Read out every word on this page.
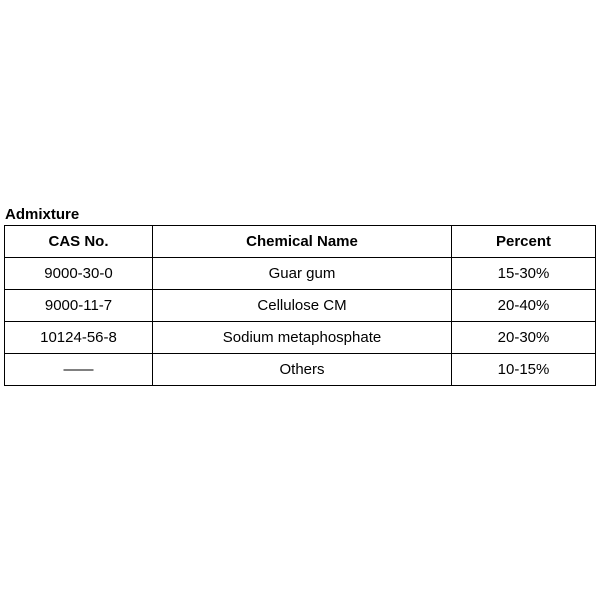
Admixture
CAS No.	Chemical Name	Percent
9000-30-0	Guar gum	15-30%
9000-11-7	Cellulose CM	20-40%
10124-56-8	Sodium metaphosphate	20-30%
——	Others	10-15%
